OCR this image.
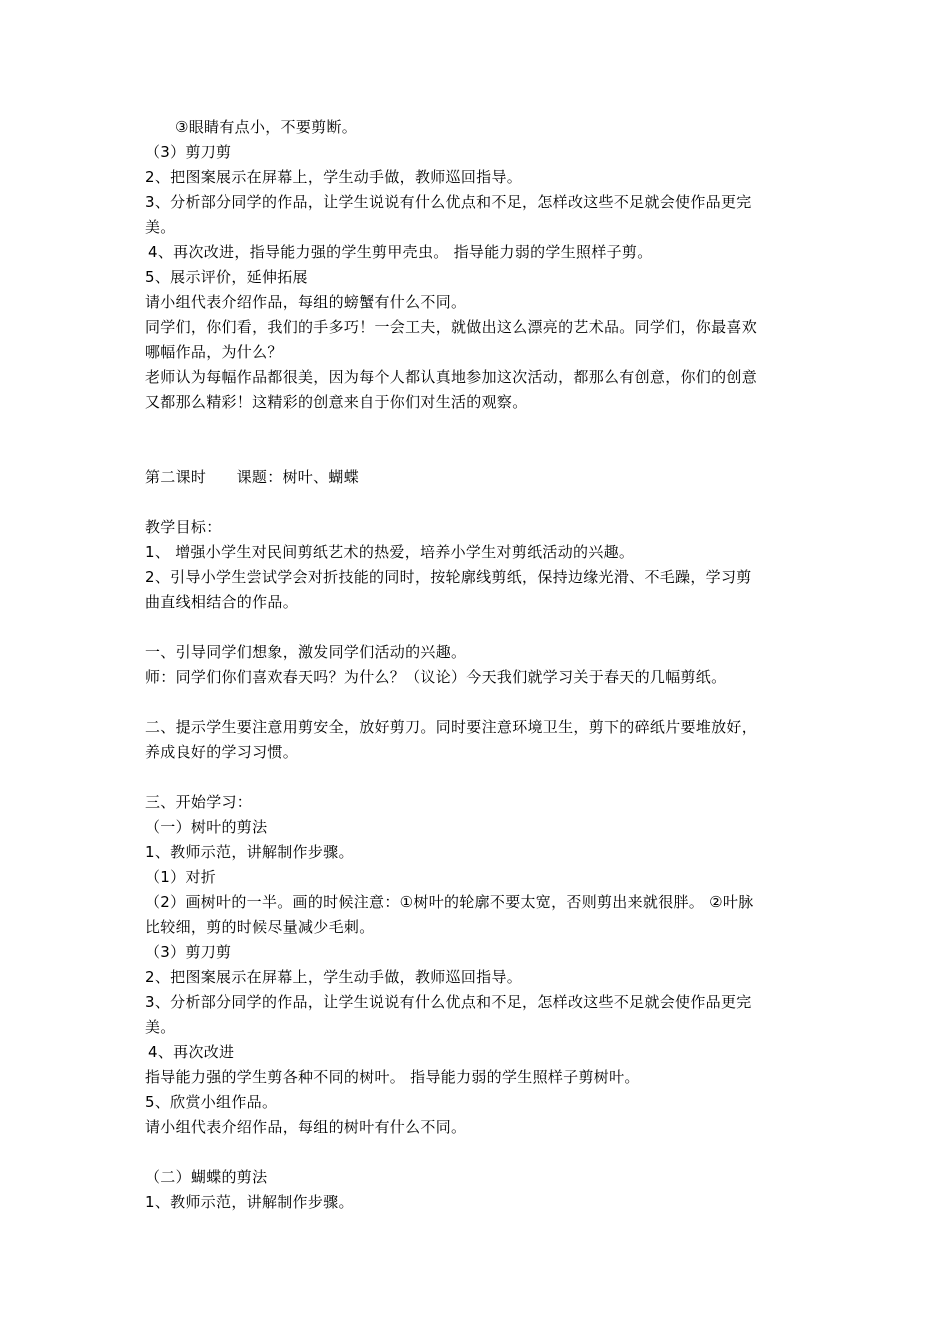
③眼睛有点小，不要剪断。
（3）剪刀剪
2、把图案展示在屏幕上，学生动手做，教师巡回指导。
3、分析部分同学的作品，让学生说说有什么优点和不足，怎样改这些不足就会使作品更完
美。
4、再次改进，指导能力强的学生剪甲壳虫。 指导能力弱的学生照样子剪。
5、展示评价，延伸拓展
请小组代表介绍作品，每组的螃蟹有什么不同。
同学们，你们看，我们的手多巧！一会工夫，就做出这么漂亮的艺术品。同学们，你最喜欢
哪幅作品，为什么？
老师认为每幅作品都很美，因为每个人都认真地参加这次活动，都那么有创意，你们的创意
又都那么精彩！这精彩的创意来自于你们对生活的观察。
第二课时      课题：树叶、蝴蝶
教学目标：
1、 增强小学生对民间剪纸艺术的热爱，培养小学生对剪纸活动的兴趣。
2、引导小学生尝试学会对折技能的同时，按轮廓线剪纸，保持边缘光滑、不毛躁，学习剪
曲直线相结合的作品。
一、引导同学们想象，激发同学们活动的兴趣。
师：同学们你们喜欢春天吗？为什么？（议论）今天我们就学习关于春天的几幅剪纸。
二、提示学生要注意用剪安全，放好剪刀。同时要注意环境卫生，剪下的碎纸片要堆放好，
养成良好的学习习惯。
三、开始学习：
（一）树叶的剪法
1、教师示范，讲解制作步骤。
（1）对折
（2）画树叶的一半。画的时候注意：①树叶的轮廓不要太宽，否则剪出来就很胖。 ②叶脉
比较细，剪的时候尽量减少毛刺。
（3）剪刀剪
2、把图案展示在屏幕上，学生动手做，教师巡回指导。
3、分析部分同学的作品，让学生说说有什么优点和不足，怎样改这些不足就会使作品更完
美。
4、再次改进
指导能力强的学生剪各种不同的树叶。 指导能力弱的学生照样子剪树叶。
5、欣赏小组作品。
请小组代表介绍作品，每组的树叶有什么不同。
（二）蝴蝶的剪法
1、教师示范，讲解制作步骤。
